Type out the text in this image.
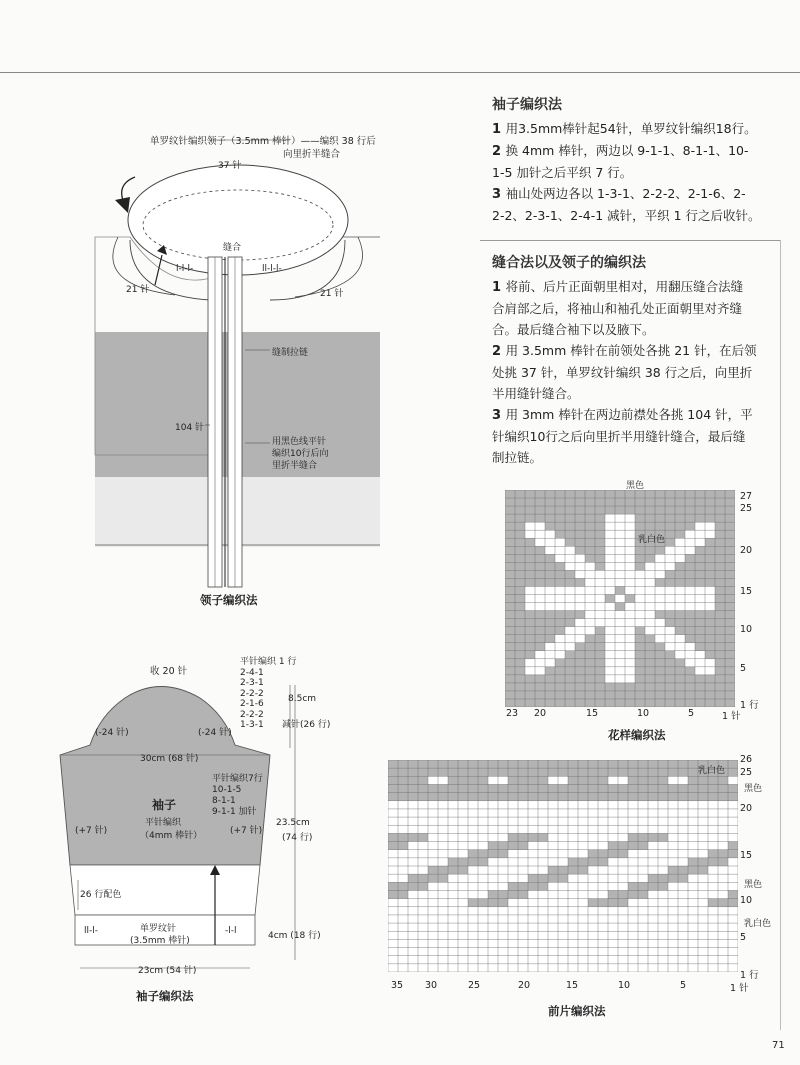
袖子编织法
1 用3.5mm棒针起54针，单罗纹针编织18行。
2 换 4mm 棒针，两边以 9-1-1、8-1-1、10-
1-5 加针之后平织 7 行。
3 袖山处两边各以 1-3-1、2-2-2、2-1-6、2-
2-2、2-3-1、2-4-1 减针，平织 1 行之后收针。
缝合法以及领子的编织法
1 将前、后片正面朝里相对，用翻压缝合法缝
合肩部之后，将袖山和袖孔处正面朝里对齐缝
合。最后缝合袖下以及腋下。
2 用 3.5mm 棒针在前领处各挑 21 针，在后领
处挑 37 针，单罗纹针编织 38 行之后，向里折
半用缝针缝合。
3 用 3mm 棒针在两边前襟处各挑 104 针，平
针编织10行之后向里折半用缝针缝合，最后缝
制拉链。
单罗纹针编织领子（3.5mm 棒针）——编织 38 行后
向里折半缝合
37 针
缝合
21 针	21 针
l-l-l-	ll-l-l-
缝制拉链
104 针
用黑色线平针
编织10行后向
里折半缝合
领子编织法
收 20 针
平针编织 1 行
2-4-1
2-3-1
2-2-2
2-1-6
2-2-2
1-3-1	减针(26 行)
8.5cm
(-24 针)	(-24 针)
30cm (68 针)
袖子
平针编织
（4mm 棒针）
(+7 针)	(+7 针)
平针编织7行
10-1-5
8-1-1
9-1-1 加针
23.5cm
(74 行)
26 行配色
单罗纹针
(3.5mm 棒针)
ll-l-	-l-l	4cm (18 行)
23cm (54 针)
袖子编织法
黑色
乳白色
27
25
20
15
10
5
1 行
23 20	15	10	5	1 针
花样编织法
乳白色
黑色
黑色
乳白色
26
25
20
15
10
5
1 行
35 30	25	20	15	10	5	1 针
前片编织法
71
